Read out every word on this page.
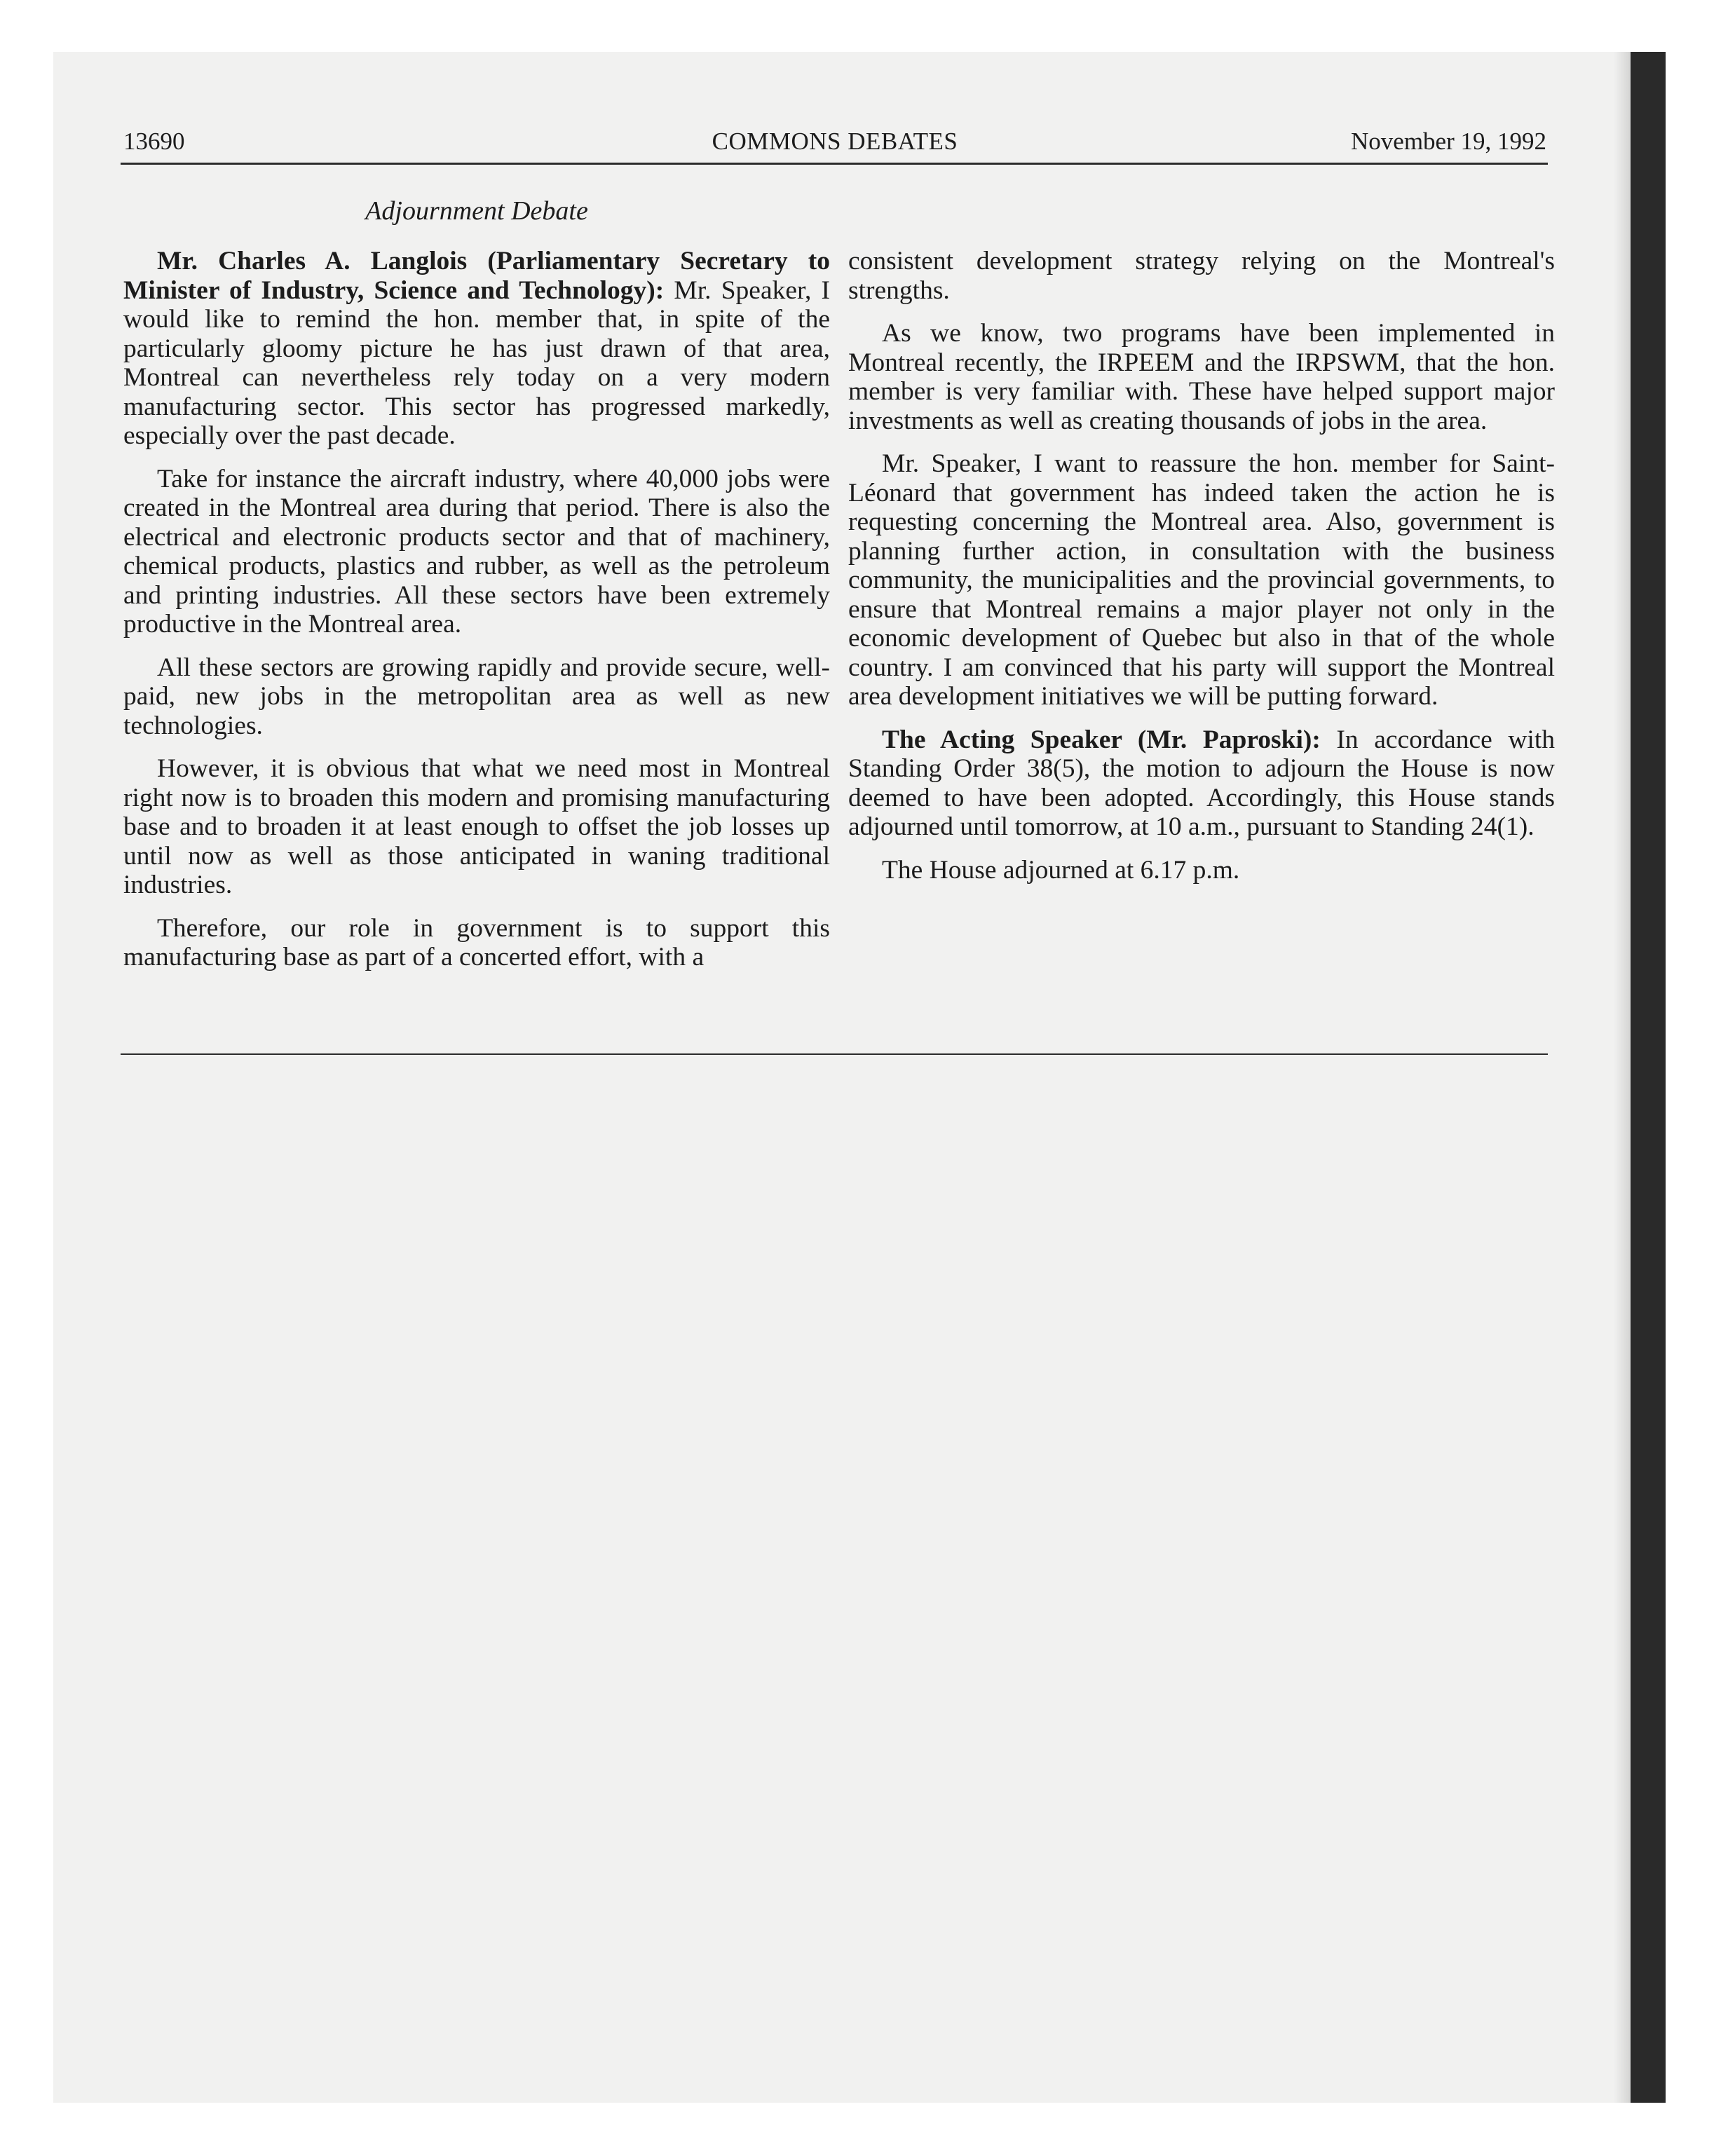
13690	COMMONS DEBATES	November 19, 1992
Adjournment Debate

Mr. Charles A. Langlois (Parliamentary Secretary to Minister of Industry, Science and Technology): Mr. Speaker, I would like to remind the hon. member that, in spite of the particularly gloomy picture he has just drawn of that area, Montreal can nevertheless rely today on a very modern manufacturing sector. This sector has progressed markedly, especially over the past decade.

Take for instance the aircraft industry, where 40,000 jobs were created in the Montreal area during that period. There is also the electrical and electronic products sector and that of machinery, chemical products, plastics and rubber, as well as the petroleum and printing industries. All these sectors have been extremely productive in the Montreal area.

All these sectors are growing rapidly and provide secure, well-paid, new jobs in the metropolitan area as well as new technologies.

However, it is obvious that what we need most in Montreal right now is to broaden this modern and promising manufacturing base and to broaden it at least enough to offset the job losses up until now as well as those anticipated in waning traditional industries.

Therefore, our role in government is to support this manufacturing base as part of a concerted effort, with a

consistent development strategy relying on the Montreal's strengths.

As we know, two programs have been implemented in Montreal recently, the IRPEEM and the IRPSWM, that the hon. member is very familiar with. These have helped support major investments as well as creating thousands of jobs in the area.

Mr. Speaker, I want to reassure the hon. member for Saint-Léonard that government has indeed taken the action he is requesting concerning the Montreal area. Also, government is planning further action, in consultation with the business community, the municipalities and the provincial governments, to ensure that Montreal remains a major player not only in the economic development of Quebec but also in that of the whole country. I am convinced that his party will support the Montreal area development initiatives we will be putting forward.

The Acting Speaker (Mr. Paproski): In accordance with Standing Order 38(5), the motion to adjourn the House is now deemed to have been adopted. Accordingly, this House stands adjourned until tomorrow, at 10 a.m., pursuant to Standing 24(1).

The House adjourned at 6.17 p.m.
